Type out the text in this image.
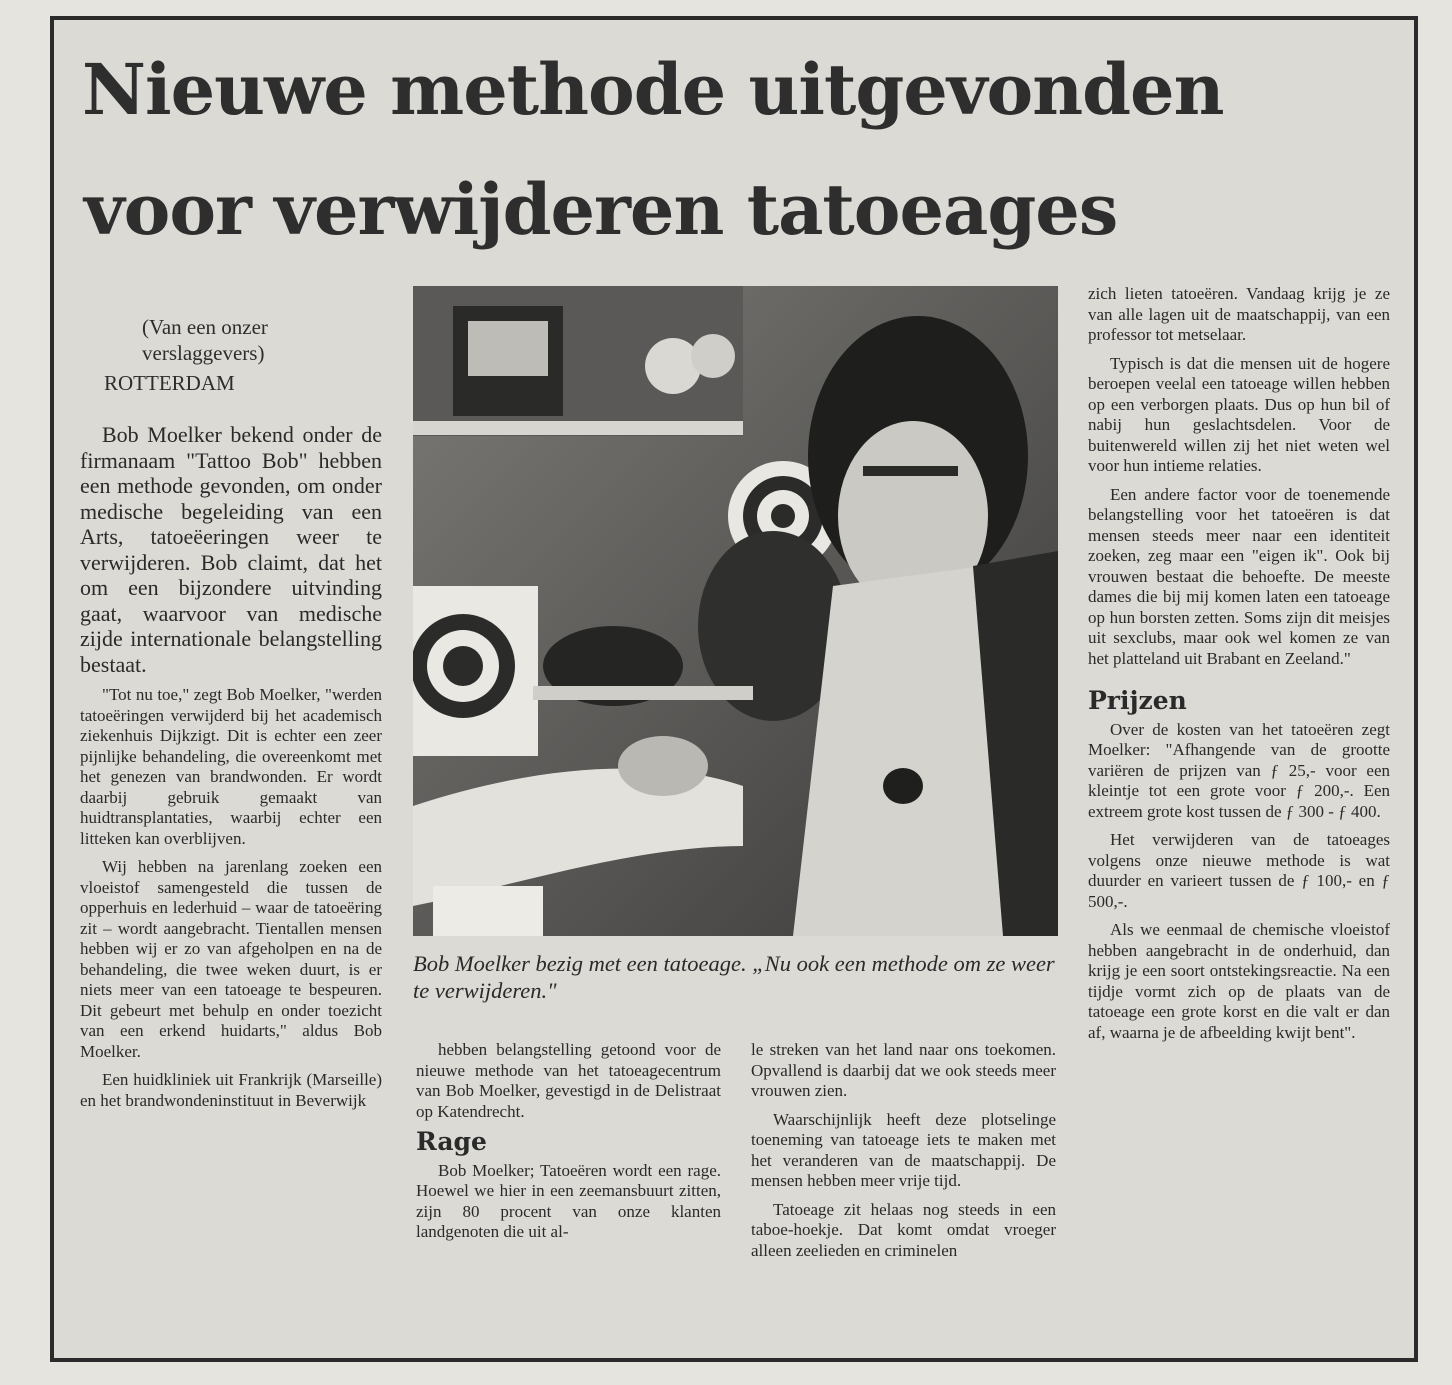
Nieuwe methode uitgevonden
voor verwijderen tatoeages
(Van een onzer
verslaggevers)
ROTTERDAM

Bob Moelker bekend onder de firmanaam "Tattoo Bob" hebben een methode gevonden, om onder medische begeleiding van een Arts, tatoeëeringen weer te verwijderen. Bob claimt, dat het om een bijzondere uitvinding gaat, waarvoor van medische zijde internationale belangstelling bestaat.

"Tot nu toe," zegt Bob Moelker, "werden tatoeëringen verwijderd bij het academisch ziekenhuis Dijkzigt. Dit is echter een zeer pijnlijke behandeling, die overeenkomt met het genezen van brandwonden. Er wordt daarbij gebruik gemaakt van huidtransplantaties, waarbij echter een litteken kan overblijven.

Wij hebben na jarenlang zoeken een vloeistof samengesteld die tussen de opperhuis en lederhuid – waar de tatoeëring zit – wordt aangebracht. Tientallen mensen hebben wij er zo van afgeholpen en na de behandeling, die twee weken duurt, is er niets meer van een tatoeage te bespeuren. Dit gebeurt met behulp en onder toezicht van een erkend huidarts," aldus Bob Moelker.

Een huidkliniek uit Frankrijk (Marseille) en het brandwondeninstituut in Beverwijk

Bob Moelker bezig met een tatoeage. „Nu ook een methode om ze weer te verwijderen."

hebben belangstelling getoond voor de nieuwe methode van het tatoeagecentrum van Bob Moelker, gevestigd in de Delistraat op Katendrecht.

Rage

Bob Moelker; Tatoeëren wordt een rage. Hoewel we hier in een zeemansbuurt zitten, zijn 80 procent van onze klanten landgenoten die uit al-

le streken van het land naar ons toekomen. Opvallend is daarbij dat we ook steeds meer vrouwen zien.

Waarschijnlijk heeft deze plotselinge toeneming van tatoeage iets te maken met het veranderen van de maatschappij. De mensen hebben meer vrije tijd.

Tatoeage zit helaas nog steeds in een taboe-hoekje. Dat komt omdat vroeger alleen zeelieden en criminelen

zich lieten tatoeëren. Vandaag krijg je ze van alle lagen uit de maatschappij, van een professor tot metselaar.

Typisch is dat die mensen uit de hogere beroepen veelal een tatoeage willen hebben op een verborgen plaats. Dus op hun bil of nabij hun geslachtsdelen. Voor de buitenwereld willen zij het niet weten wel voor hun intieme relaties.

Een andere factor voor de toenemende belangstelling voor het tatoeëren is dat mensen steeds meer naar een identiteit zoeken, zeg maar een "eigen ik". Ook bij vrouwen bestaat die behoefte. De meeste dames die bij mij komen laten een tatoeage op hun borsten zetten. Soms zijn dit meisjes uit sexclubs, maar ook wel komen ze van het platteland uit Brabant en Zeeland."

Prijzen

Over de kosten van het tatoeëren zegt Moelker: "Afhangende van de grootte variëren de prijzen van ƒ 25,- voor een kleintje tot een grote voor ƒ 200,-. Een extreem grote kost tussen de ƒ 300 - ƒ 400.

Het verwijderen van de tatoeages volgens onze nieuwe methode is wat duurder en varieert tussen de ƒ 100,- en ƒ 500,-.

Als we eenmaal de chemische vloeistof hebben aangebracht in de onderhuid, dan krijg je een soort ontstekingsreactie. Na een tijdje vormt zich op de plaats van de tatoeage een grote korst en die valt er dan af, waarna je de afbeelding kwijt bent".
